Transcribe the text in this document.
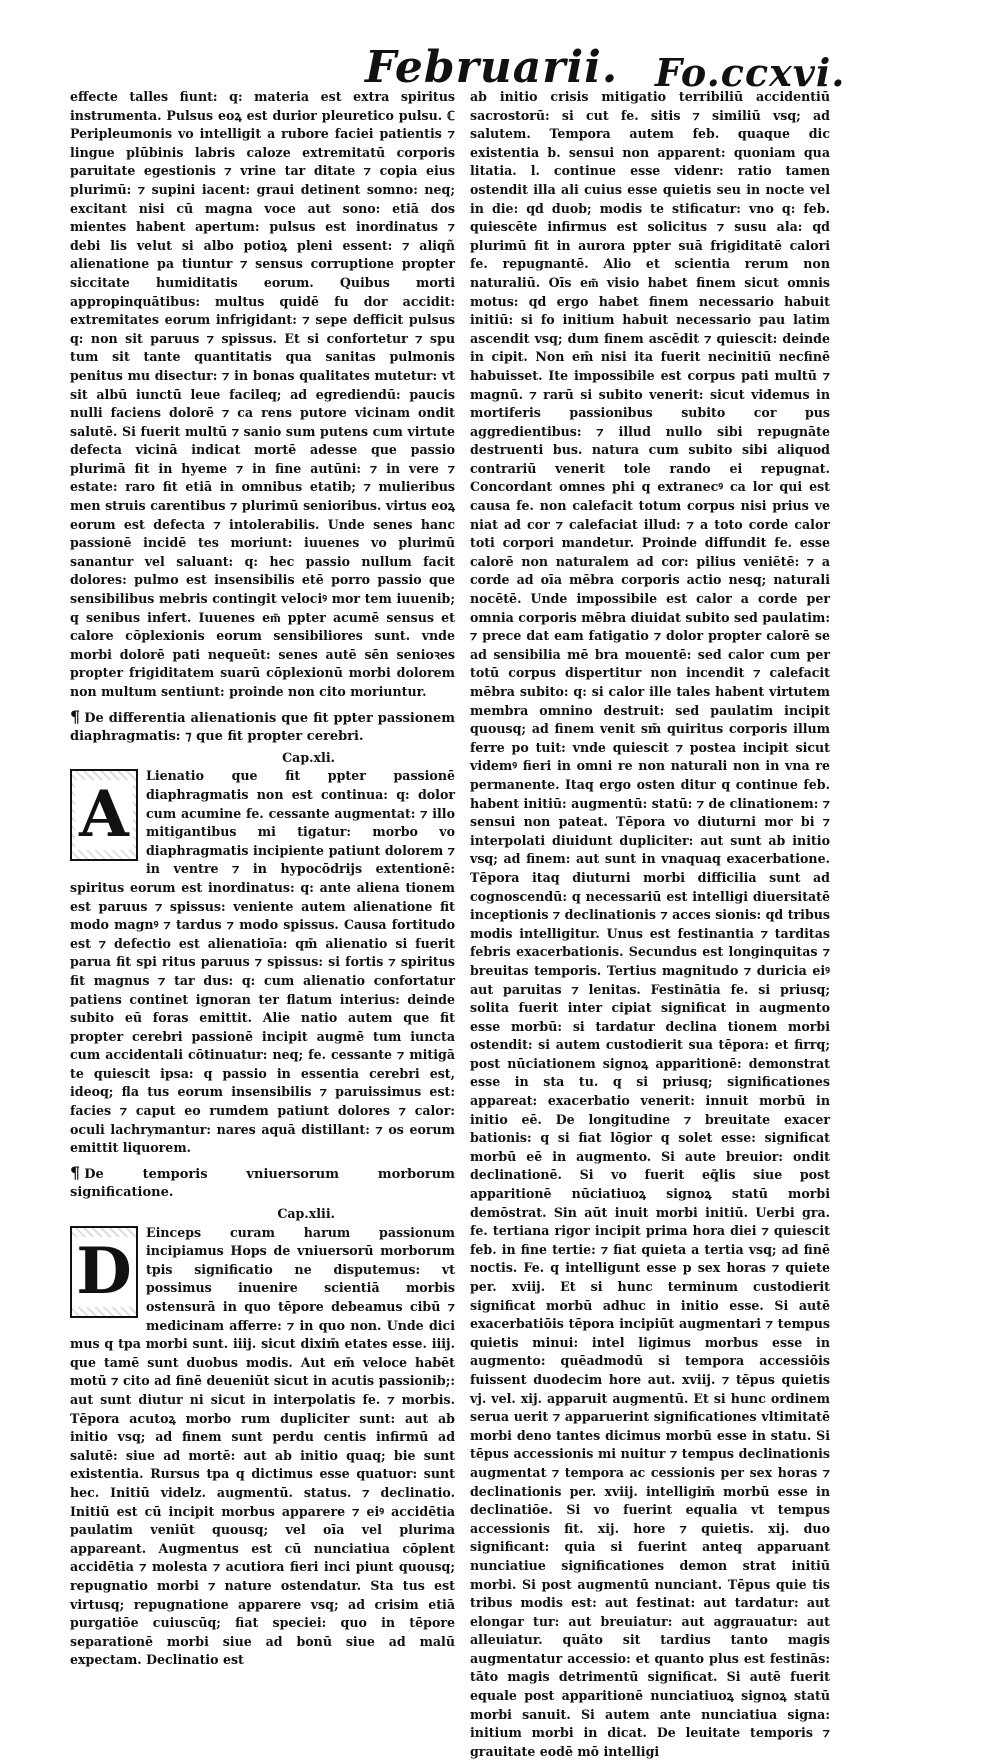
Februarii. Fo.ccxvi.

effecte talles fiunt: q: materia est extra spiritus instrumenta. Pulsus eoꝝ est durior pleuretico pulsu. ℂ Peripleumonis vo intelligit a rubore faciei patientis ⁊ lingue plūbinis labris caloze extremitatū corporis paruitate egestionis ⁊ vrine tar ditate ⁊ copia eius plurimū: ⁊ supini iacent: graui detinent somno: neq; excitant nisi cū magna voce aut sono: etiā dos mientes habent apertum: pulsus est inordinatus ⁊ debi lis velut si albo potioꝝ pleni essent: ⁊ aliqñ alienatione pa tiuntur ⁊ sensus corruptione propter siccitate humiditatis eorum. Quibus morti appropinquātibus: multus quidē fu dor accidit: extremitates eorum infrigidant: ⁊ sepe defficit pulsus q: non sit paruus ⁊ spissus. Et si confortetur ⁊ spu tum sit tante quantitatis qua sanitas pulmonis penitus mu disectur: ⁊ in bonas qualitates mutetur: vt sit albū iunctū leue facileq; ad egrediendū: paucis nulli faciens dolorē ⁊ ca rens putore vicinam ondit salutē. Si fuerit multū ⁊ sanio sum putens cum virtute defecta vicinā indicat mortē adesse que passio plurimā fit in hyeme ⁊ in fine autūni: ⁊ in vere ⁊ estate: raro fit etiā in omnibus etatib; ⁊ mulieribus men struis carentibus ⁊ plurimū senioribus. virtus eoꝝ eorum est defecta ⁊ intolerabilis. Unde senes hanc passionē incidē tes moriunt: iuuenes vo plurimū sanantur vel saluant: q: hec passio nullum facit dolores: pulmo est insensibilis etē porro passio que sensibilibus mebris contingit velociꝰ mor tem iuuenib; q senibus infert. Iuuenes em͂ ppter acumē sensus et calore cōplexionis eorum sensibiliores sunt. vnde morbi dolorē pati nequeūt: senes autē sēn senioꝛes propter frigiditatem suarū cōplexionū morbi dolorem non multum sentiunt: proinde non cito moriuntur.

¶ De differentia alienationis que fit ppter passionem diaphragmatis: ⁊ que fit propter cerebri.

Cap.xli.
A

Lienatio que fit ppter passionē diaphragmatis non est continua: q: dolor cum acumine fe. cessante augmentat: ⁊ illo mitigantibus mi tigatur: morbo vo diaphragmatis incipiente patiunt dolorem ⁊ in ventre ⁊ in hypocōdrijs extentionē: spiritus eorum est inordinatus: q: ante aliena tionem est paruus ⁊ spissus: veniente autem alienatione fit modo magnꝰ ⁊ tardus ⁊ modo spissus. Causa fortitudo est ⁊ defectio est alienatioīa: qm̄ alienatio si fuerit parua fit spi ritus paruus ⁊ spissus: si fortis ⁊ spiritus fit magnus ⁊ tar dus: q: cum alienatio confortatur patiens continet ignoran ter flatum interius: deinde subito eū foras emittit. Alie natio autem que fit propter cerebri passionē incipit augmē tum iuncta cum accidentali cōtinuatur: neq; fe. cessante ⁊ mitigā te quiescit ipsa: q passio in essentia cerebri est, ideoq; fla tus eorum insensibilis ⁊ paruissimus est: facies ⁊ caput eo rumdem patiunt dolores ⁊ calor: oculi lachrymantur: nares aquā distillant: ⁊ os eorum emittit liquorem.

¶ De temporis vniuersorum morborum significatione.

Cap.xlii.
D

Einceps curam harum passionum incipiamus Hops de vniuersorū morborum tpis significatio ne disputemus: vt possimus inuenire scientiā morbis ostensurā in quo tēpore debeamus cibū ⁊ medicinam afferre: ⁊ in quo non. Unde dici mus q tpa morbi sunt. iiij. sicut dixim̄ etates esse. iiij. que tamē sunt duobus modis. Aut em̄ veloce habēt motū ⁊ cito ad finē deueniūt sicut in acutis passionib;: aut sunt diutur ni sicut in interpolatis fe. ⁊ morbis. Tēpora acutoꝝ morbo rum dupliciter sunt: aut ab initio vsq; ad finem sunt perdu centis infirmū ad salutē: siue ad mortē: aut ab initio quaq; bie sunt existentia. Rursus tpa q dictimus esse quatuor: sunt hec. Initiū videlz. augmentū. status. ⁊ declinatio. Initiū est cū incipit morbus apparere ⁊ eiꝰ accidētia paulatim veniūt quousq; vel oīa vel plurima appareant. Augmentus est cū nunciatiua cōplent accidētia ⁊ molesta ⁊ acutiora fieri inci piunt quousq; repugnatio morbi ⁊ nature ostendatur. Sta tus est virtusq; repugnatione apparere vsq; ad crisim etiā purgatiōe cuiuscūq; fiat speciei: quo in tēpore separationē morbi siue ad bonū siue ad malū expectam. Declinatio est

ab initio crisis mitigatio terribiliū accidentiū sacrostorū: si cut fe. sitis ⁊ similiū vsq; ad salutem. Tempora autem feb. quaque dic existentia b. sensui non apparent: quoniam qua litatia. l. continue esse videnr: ratio tamen ostendit illa ali cuius esse quietis seu in nocte vel in die: qd duob; modis te stificatur: vno q: feb. quiescēte infirmus est solicitus ⁊ susu ala: qd plurimū fit in aurora ppter suā frigiditatē calori fe. repugnantē. Alio et scientia rerum non naturaliū. Oīs em͂ visio habet finem sicut omnis motus: qd ergo habet finem necessario habuit initiū: si fo initium habuit necessario pau latim ascendit vsq; dum finem ascēdit ⁊ quiescit: deinde in cipit. Non em̄ nisi ita fuerit necinitiū necfinē habuisset. Ite impossibile est corpus pati multū ⁊ magnū. ⁊ rarū si subito venerit: sicut videmus in mortiferis passionibus subito cor pus aggredientibus: ⁊ illud nullo sibi repugnāte destruenti bus. natura cum subito sibi aliquod contrariū venerit tole rando ei repugnat. Concordant omnes phi q extranecꝰ ca lor qui est causa fe. non calefacit totum corpus nisi prius ve niat ad cor ⁊ calefaciat illud: ⁊ a toto corde calor toti corpori mandetur. Proinde diffundit fe. esse calorē non naturalem ad cor: pilius veniētē: ⁊ a corde ad oīa mēbra corporis actio nesq; naturali nocētē. Unde impossibile est calor a corde per omnia corporis mēbra diuidat subito sed paulatim: ⁊ prece dat eam fatigatio ⁊ dolor propter calorē se ad sensibilia mē bra mouentē: sed calor cum per totū corpus dispertitur non incendit ⁊ calefacit mēbra subito: q: si calor ille tales habent virtutem membra omnino destruit: sed paulatim incipit quousq; ad finem venit sm̄ quiritus corporis illum ferre po tuit: vnde quiescit ⁊ postea incipit sicut videmꝰ fieri in omni re non naturali non in vna re permanente. Itaq ergo osten ditur q continue feb. habent initiū: augmentū: statū: ⁊ de clinationem: ⁊ sensui non pateat. Tēpora vo diuturni mor bi ⁊ interpolati diuidunt dupliciter: aut sunt ab initio vsq; ad finem: aut sunt in vnaquaq exacerbatione. Tēpora itaq diuturni morbi difficilia sunt ad cognoscendū: q necessariū est intelligi diuersitatē inceptionis ⁊ declinationis ⁊ acces sionis: qd tribus modis intelligitur. Unus est festinantia ⁊ tarditas febris exacerbationis. Secundus est longinquitas ⁊ breuitas temporis. Tertius magnitudo ⁊ duricia eiꝰ aut paruitas ⁊ lenitas. Festinātia fe. si priusq; solita fuerit inter cipiat significat in augmento esse morbū: si tardatur declina tionem morbi ostendit: si autem custodierit sua tēpora: et firrq; post nūciationem signoꝝ apparitionē: demonstrat esse in sta tu. q si priusq; significationes appareat: exacerbatio venerit: innuit morbū in initio eē. De longitudine ⁊ breuitate exacer bationis: q si fiat lōgior q solet esse: significat morbū eē in augmento. Si aute breuior: ondit declinationē. Si vo fuerit eq̄lis siue post apparitionē nūciatiuoꝝ signoꝝ statū morbi demōstrat. Sin aūt inuit morbi initiū. Uerbi gra. fe. tertiana rigor incipit prima hora diei ⁊ quiescit feb. in fine tertie: ⁊ fiat quieta a tertia vsq; ad finē noctis. Fe. q intelligunt esse p sex horas ⁊ quiete per. xviij. Et si hunc terminum custodierit significat morbū adhuc in initio esse. Si autē exacerbatiōis tēpora incipiūt augmentari ⁊ tempus quietis minui: intel ligimus morbus esse in augmento: quēadmodū si tempora accessiōis fuissent duodecim hore aut. xviij. ⁊ tēpus quietis vj. vel. xij. apparuit augmentū. Et si hunc ordinem serua uerit ⁊ apparuerint significationes vltimitatē morbi deno tantes dicimus morbū esse in statu. Si tēpus accessionis mi nuitur ⁊ tempus declinationis augmentat ⁊ tempora ac cessionis per sex horas ⁊ declinationis per. xviij. intelligim̄ morbū esse in declinatiōe. Si vo fuerint equalia vt tempus accessionis fit. xij. hore ⁊ quietis. xij. duo significant: quia si fuerint anteq apparuant nunciatiue significationes demon strat initiū morbi. Si post augmentū nunciant. Tēpus quie tis tribus modis est: aut festinat: aut tardatur: aut elongar tur: aut breuiatur: aut aggrauatur: aut alleuiatur. quāto sit tardius tanto magis augmentatur accessio: et quanto plus est festinās: tāto magis detrimentū significat. Si autē fuerit equale post apparitionē nunciatiuoꝝ signoꝝ statū morbi sanuit. Si autem ante nunciatiua signa: initium morbi in dicat. De leuitate temporis ⁊ grauitate eodē mō intelligi
